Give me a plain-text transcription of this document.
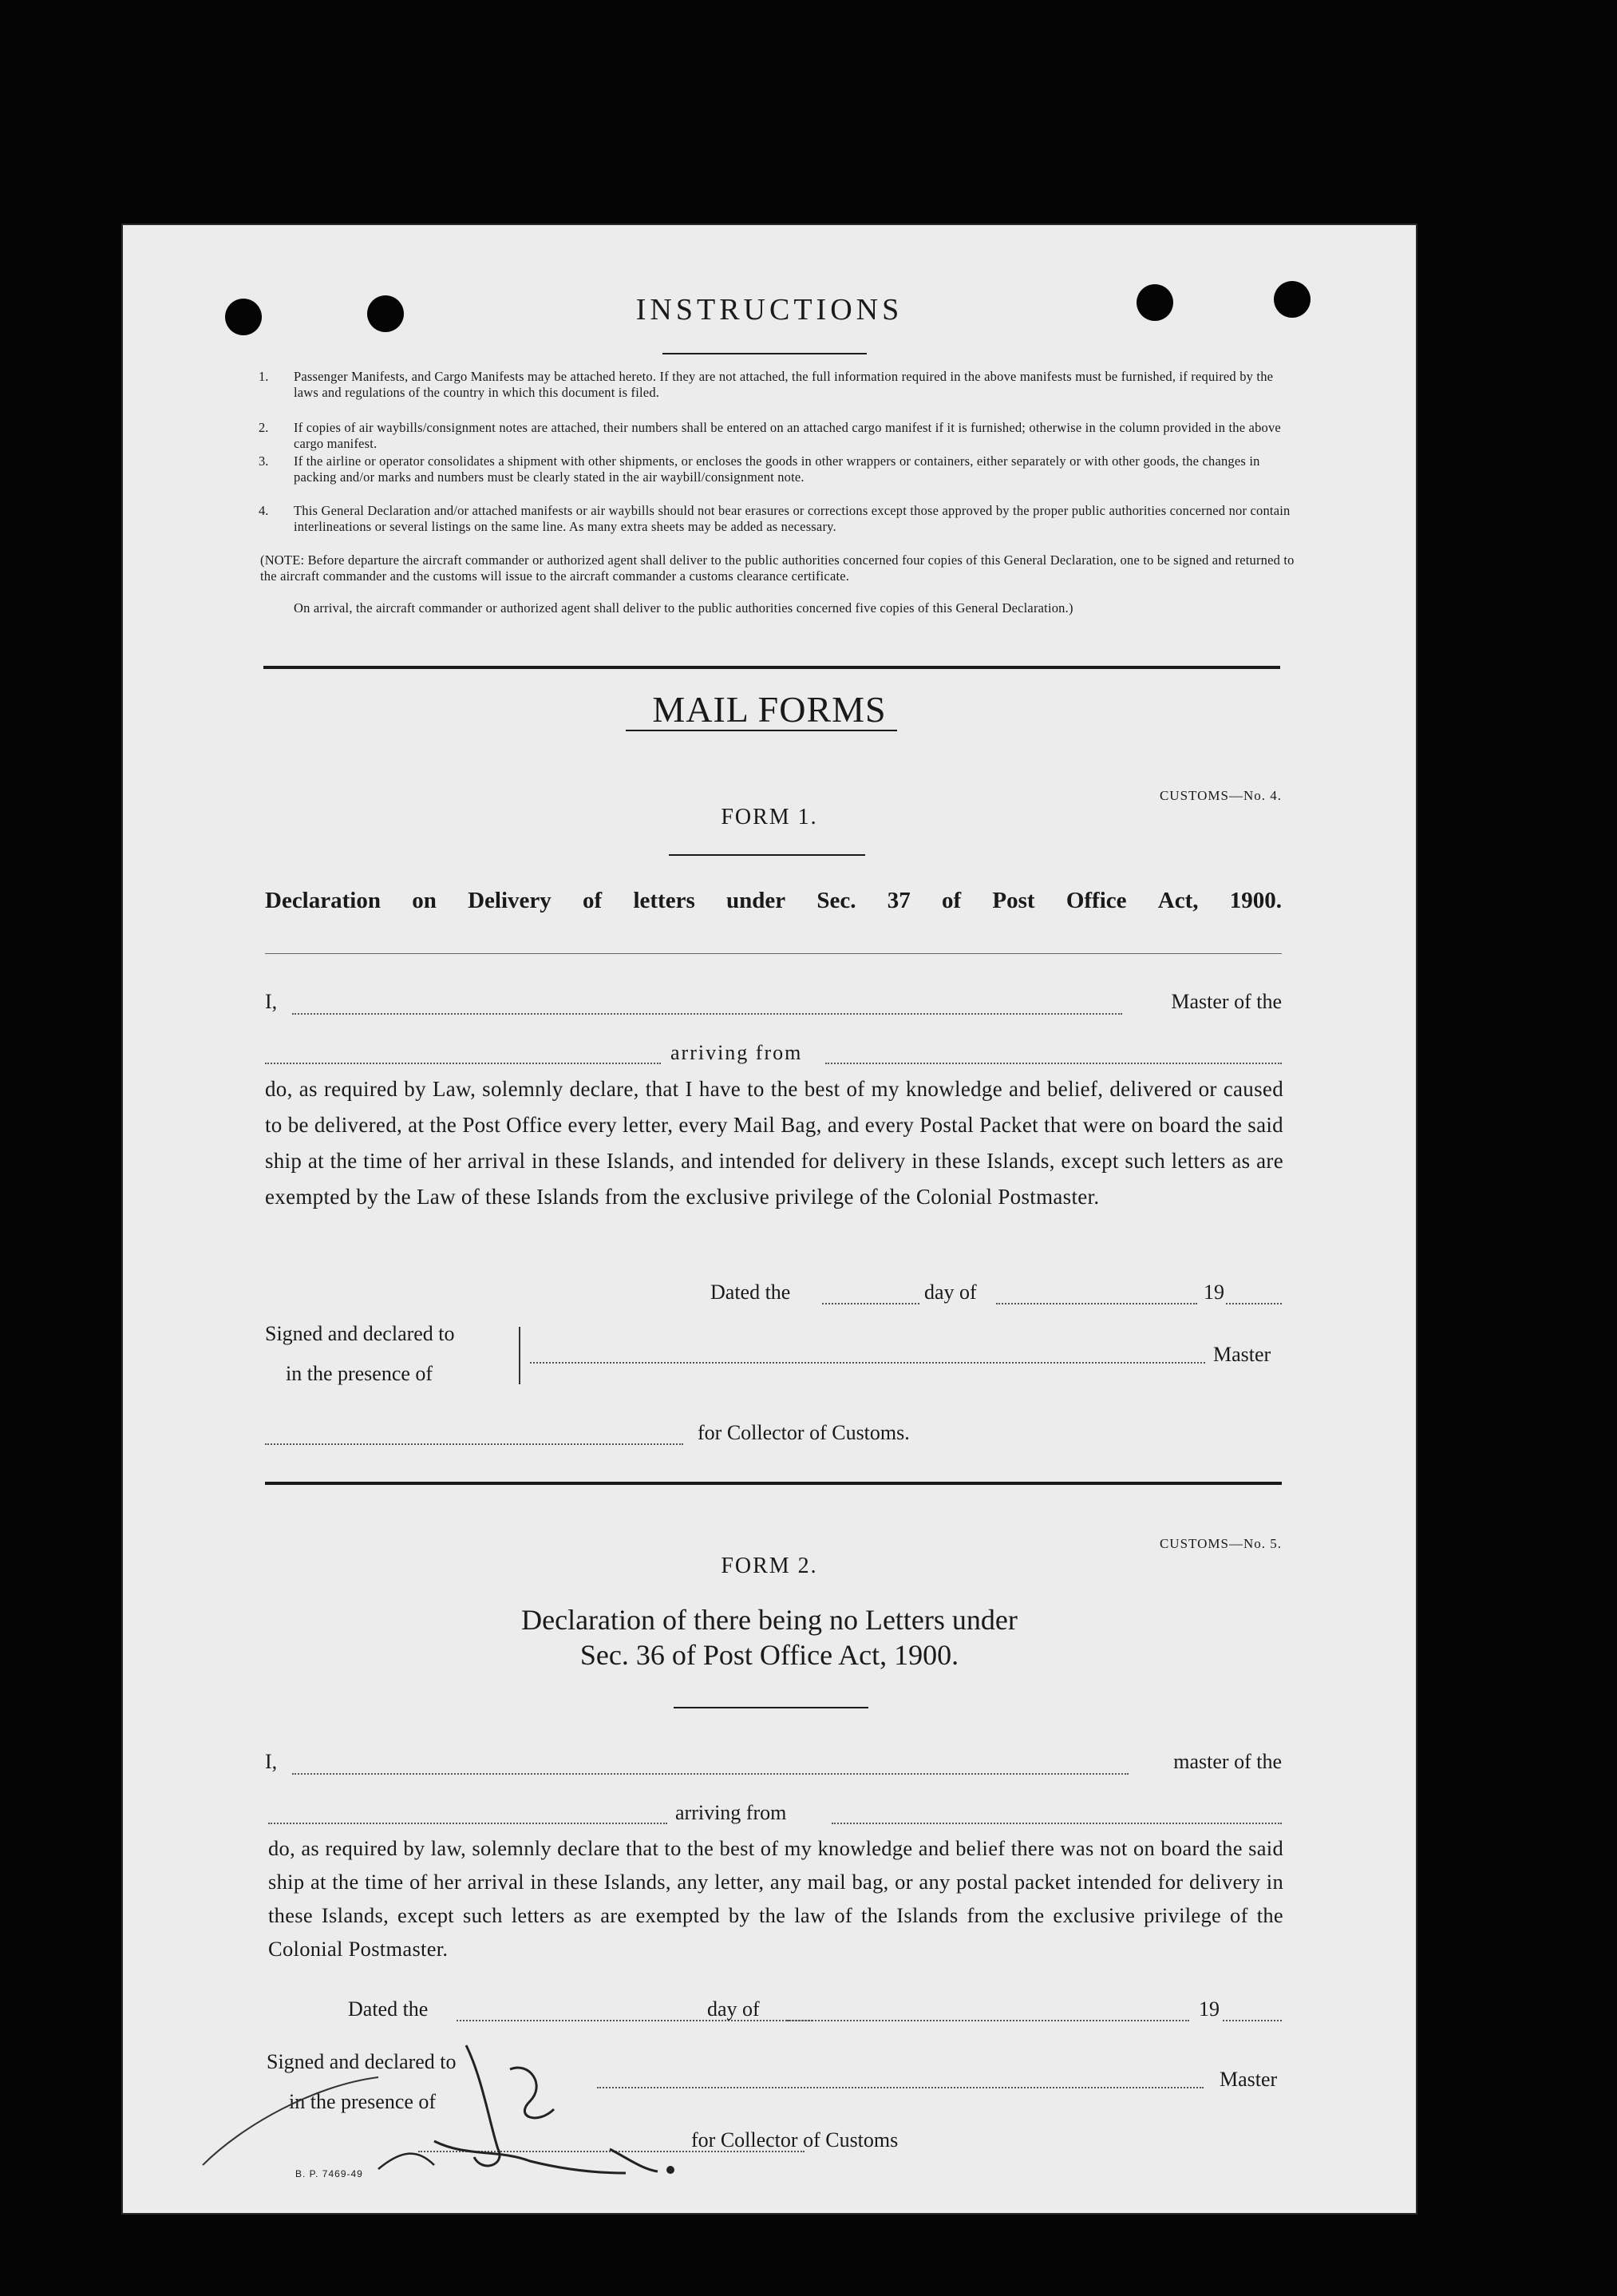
INSTRUCTIONS
1.	Passenger Manifests, and Cargo Manifests may be attached hereto. If they are not attached, the full information required in the above manifests must be furnished, if required by the laws and regulations of the country in which this document is filed.
2.	If copies of air waybills/consignment notes are attached, their numbers shall be entered on an attached cargo manifest if it is furnished; otherwise in the column provided in the above cargo manifest.
3.	If the airline or operator consolidates a shipment with other shipments, or encloses the goods in other wrappers or containers, either separately or with other goods, the changes in packing and/or marks and numbers must be clearly stated in the air waybill/consignment note.
4.	This General Declaration and/or attached manifests or air waybills should not bear erasures or corrections except those approved by the proper public authorities concerned nor contain interlineations or several listings on the same line. As many extra sheets may be added as necessary.
(NOTE: Before departure the aircraft commander or authorized agent shall deliver to the public authorities concerned four copies of this General Declaration, one to be signed and returned to the aircraft commander and the customs will issue to the aircraft commander a customs clearance certificate.
On arrival, the aircraft commander or authorized agent shall deliver to the public authorities concerned five copies of this General Declaration.)
MAIL FORMS
CUSTOMS—No. 4.
FORM 1.
Declaration on Delivery of letters under Sec. 37 of Post Office Act, 1900.
I,	Master of the
arriving from
do, as required by Law, solemnly declare, that I have to the best of my knowledge and belief, delivered or caused to be delivered, at the Post Office every letter, every Mail Bag, and every Postal Packet that were on board the said ship at the time of her arrival in these Islands, and intended for delivery in these Islands, except such letters as are exempted by the Law of these Islands from the exclusive privilege of the Colonial Postmaster.
Dated the	day of	19
Signed and declared to
in the presence of
Master
for Collector of Customs.
CUSTOMS—No. 5.
FORM 2.
Declaration of there being no Letters under
Sec. 36 of Post Office Act, 1900.
I,	master of the
arriving from
do, as required by law, solemnly declare that to the best of my knowledge and belief there was not on board the said ship at the time of her arrival in these Islands, any letter, any mail bag, or any postal packet intended for delivery in these Islands, except such letters as are exempted by the law of the Islands from the exclusive privilege of the Colonial Postmaster.
Dated the	day of	19
Signed and declared to
in the presence of
Master
for Collector of Customs
B. P. 7469-49
